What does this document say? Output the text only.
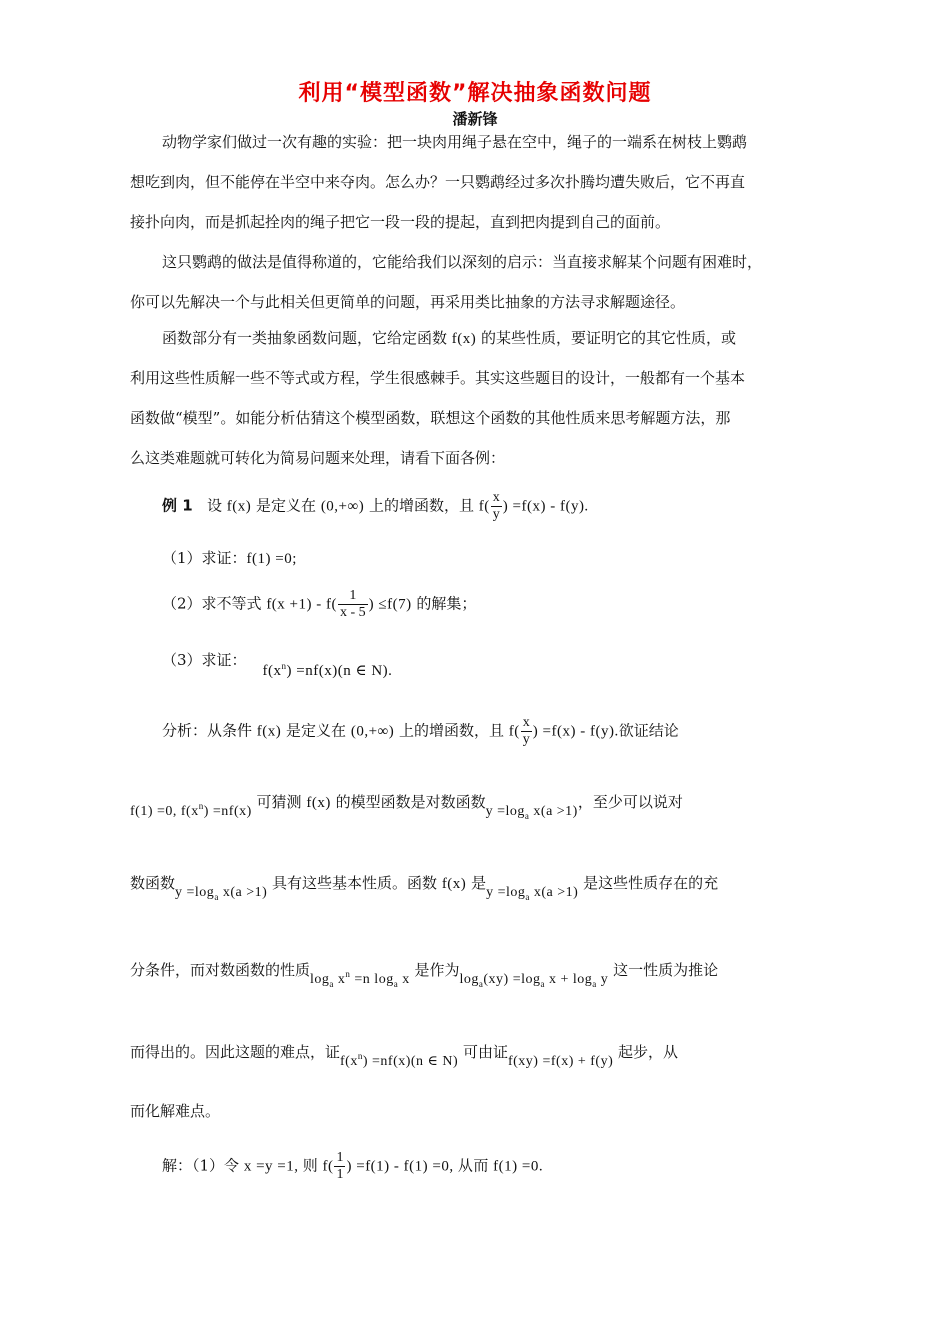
利用“模型函数”解决抽象函数问题
潘新锋
动物学家们做过一次有趣的实验：把一块肉用绳子悬在空中，绳子的一端系在树枝上鹦鹉
想吃到肉，但不能停在半空中来夺肉。怎么办？一只鹦鹉经过多次扑腾均遭失败后，它不再直
接扑向肉，而是抓起拴肉的绳子把它一段一段的提起，直到把肉提到自己的面前。
这只鹦鹉的做法是值得称道的，它能给我们以深刻的启示：当直接求解某个问题有困难时，
你可以先解决一个与此相关但更简单的问题，再采用类比抽象的方法寻求解题途径。
函数部分有一类抽象函数问题，它给定函数 f(x) 的某些性质，要证明它的其它性质，或
利用这些性质解一些不等式或方程，学生很感棘手。其实这些题目的设计，一般都有一个基本
函数做“模型”。如能分析估猜这个模型函数，联想这个函数的其他性质来思考解题方法，那
么这类难题就可转化为简易问题来处理，请看下面各例：
例 1 设 f(x) 是定义在 (0,+∞) 上的增函数，且 $f( \frac{x}{y}$ ) =f(x) - f(y).
（1）求证：f(1) =0;
（2）求不等式 $f(x +1) - f( \frac{1}{x - 5}$ ) ≤f(7) 的解集；
（3）求证：$f(x^n) =nf(x)(n$ ∈ N).
分析：从条件 f(x) 是定义在 (0,+∞) 上的增函数，且 $f( \frac{x}{y}$ ) =f(x) - f(y).欲证结论
f(1) =0, $f(x^n) =nf(x)$ 可猜测 f(x) 的模型函数是对数函数$y =\log_a$ x(a >1)，至少可以说对
数函数$y =\log_a$ x(a >1) 具有这些基本性质。函数 f(x) 是$y =\log_a$ x(a >1) 是这些性质存在的充
分条件，而对数函数的性质$\log_a x^n =n$ $\log_a x$ 是作为$\log_a(xy) =\log_a$ $x + \log_a y$ 这一性质为推论
而得出的。因此这题的难点，证$f(x^n) =nf(x)(n$ ∈ N) 可由证f(xy) =f(x) + f(y) 起步，从
而化解难点。
解：（1）令 x =y =1, 则 $f( \frac{1}{1}$ ) =f(1) - f(1) =0, 从而 f(1) =0.
